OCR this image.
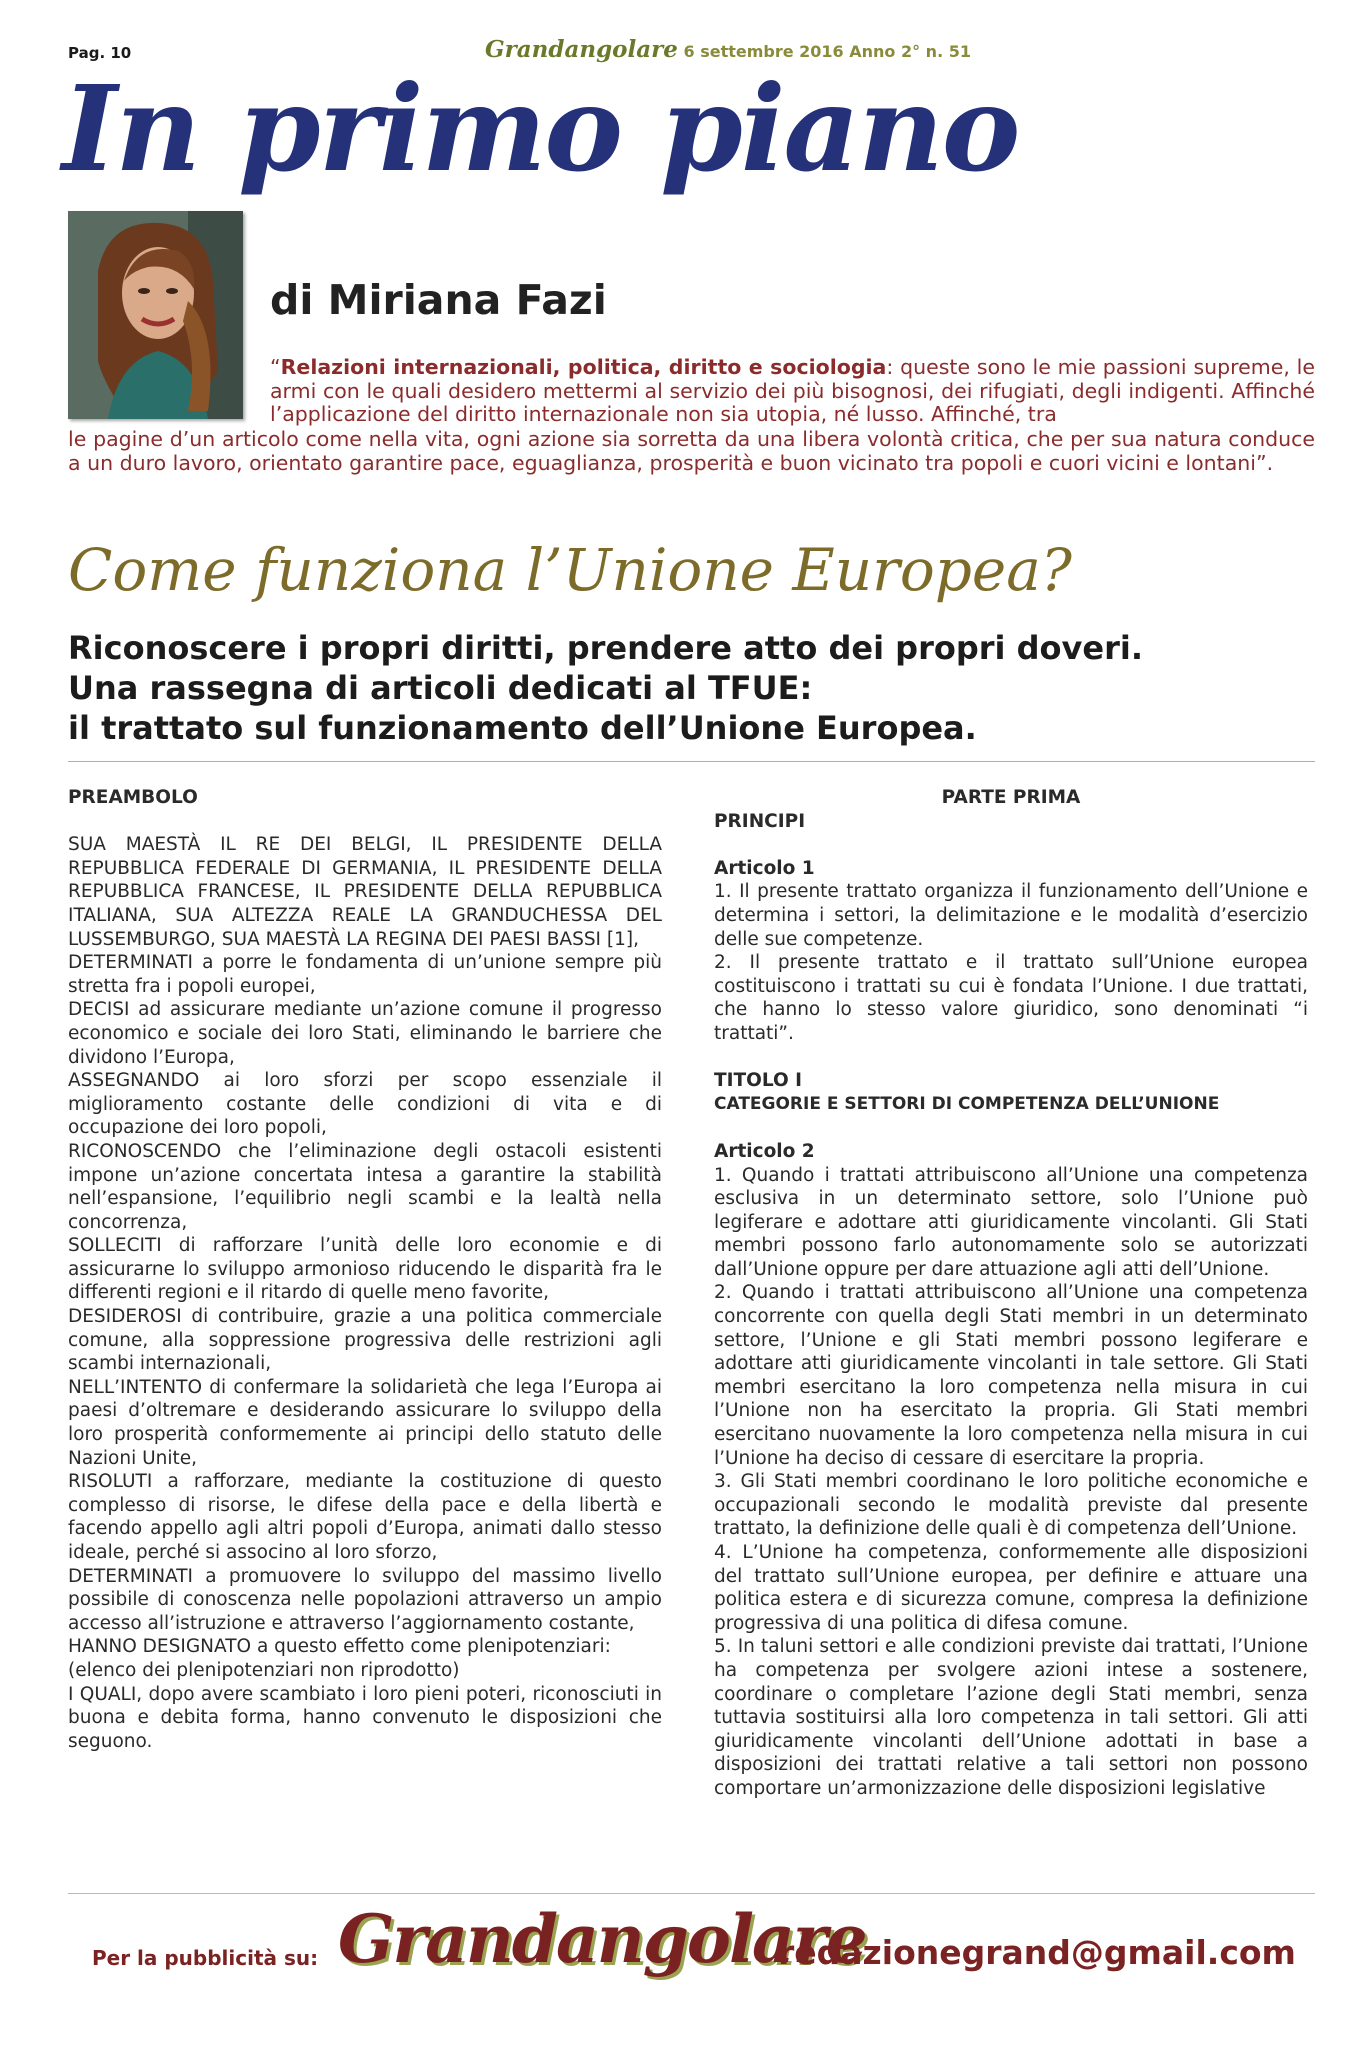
Pag. 10	Grandangolare 6 settembre 2016 Anno 2° n. 51
In primo piano
di Miriana Fazi
“Relazioni internazionali, politica, diritto e sociologia: queste sono le mie passioni supreme, le armi con le quali desidero mettermi al servizio dei più bisognosi, dei rifugiati, degli indigenti. Affinché l’applicazione del diritto internazionale non sia utopia, né lusso. Affinché, tra
le pagine d’un articolo come nella vita, ogni azione sia sorretta da una libera volontà critica, che per sua natura conduce a un duro lavoro, orientato garantire pace, eguaglianza, prosperità e buon vicinato tra popoli e cuori vicini e lontani”.
Come funziona l’Unione Europea?
Riconoscere i propri diritti, prendere atto dei propri doveri.
Una rassegna di articoli dedicati al TFUE:
il trattato sul funzionamento dell’Unione Europea.
PREAMBOLO
SUA MAESTÀ IL RE DEI BELGI, IL PRESIDENTE DELLA REPUBBLICA FEDERALE DI GERMANIA, IL PRESIDENTE DELLA REPUBBLICA FRANCESE, IL PRESIDENTE DELLA REPUBBLICA ITALIANA, SUA ALTEZZA REALE LA GRANDUCHESSA DEL LUSSEMBURGO, SUA MAESTÀ LA REGINA DEI PAESI BASSI [1],
DETERMINATI a porre le fondamenta di un’unione sempre più stretta fra i popoli europei,
DECISI ad assicurare mediante un’azione comune il progresso economico e sociale dei loro Stati, eliminando le barriere che dividono l’Europa,
ASSEGNANDO ai loro sforzi per scopo essenziale il miglioramento costante delle condizioni di vita e di occupazione dei loro popoli,
RICONOSCENDO che l’eliminazione degli ostacoli esistenti impone un’azione concertata intesa a garantire la stabilità nell’espansione, l’equilibrio negli scambi e la lealtà nella concorrenza,
SOLLECITI di rafforzare l’unità delle loro economie e di assicurarne lo sviluppo armonioso riducendo le disparità fra le differenti regioni e il ritardo di quelle meno favorite,
DESIDEROSI di contribuire, grazie a una politica commerciale comune, alla soppressione progressiva delle restrizioni agli scambi internazionali,
NELL’INTENTO di confermare la solidarietà che lega l’Europa ai paesi d’oltremare e desiderando assicurare lo sviluppo della loro prosperità conformemente ai principi dello statuto delle Nazioni Unite,
RISOLUTI a rafforzare, mediante la costituzione di questo complesso di risorse, le difese della pace e della libertà e facendo appello agli altri popoli d’Europa, animati dallo stesso ideale, perché si associno al loro sforzo,
DETERMINATI a promuovere lo sviluppo del massimo livello possibile di conoscenza nelle popolazioni attraverso un ampio accesso all’istruzione e attraverso l’aggiornamento costante,
HANNO DESIGNATO a questo effetto come plenipotenziari:
(elenco dei plenipotenziari non riprodotto)
I QUALI, dopo avere scambiato i loro pieni poteri, riconosciuti in buona e debita forma, hanno convenuto le disposizioni che seguono.
PARTE PRIMA
PRINCIPI
Articolo 1
1. Il presente trattato organizza il funzionamento dell’Unione e determina i settori, la delimitazione e le modalità d’esercizio delle sue competenze.
2. Il presente trattato e il trattato sull’Unione europea costituiscono i trattati su cui è fondata l’Unione. I due trattati, che hanno lo stesso valore giuridico, sono denominati “i trattati”.
TITOLO I
CATEGORIE E SETTORI DI COMPETENZA DELL’UNIONE
Articolo 2
1. Quando i trattati attribuiscono all’Unione una competenza esclusiva in un determinato settore, solo l’Unione può legiferare e adottare atti giuridicamente vincolanti. Gli Stati membri possono farlo autonomamente solo se autorizzati dall’Unione oppure per dare attuazione agli atti dell’Unione.
2. Quando i trattati attribuiscono all’Unione una competenza concorrente con quella degli Stati membri in un determinato settore, l’Unione e gli Stati membri possono legiferare e adottare atti giuridicamente vincolanti in tale settore. Gli Stati membri esercitano la loro competenza nella misura in cui l’Unione non ha esercitato la propria. Gli Stati membri esercitano nuovamente la loro competenza nella misura in cui l’Unione ha deciso di cessare di esercitare la propria.
3. Gli Stati membri coordinano le loro politiche economiche e occupazionali secondo le modalità previste dal presente trattato, la definizione delle quali è di competenza dell’Unione.
4. L’Unione ha competenza, conformemente alle disposizioni del trattato sull’Unione europea, per definire e attuare una politica estera e di sicurezza comune, compresa la definizione progressiva di una politica di difesa comune.
5. In taluni settori e alle condizioni previste dai trattati, l’Unione ha competenza per svolgere azioni intese a sostenere, coordinare o completare l’azione degli Stati membri, senza tuttavia sostituirsi alla loro competenza in tali settori. Gli atti giuridicamente vincolanti dell’Unione adottati in base a disposizioni dei trattati relative a tali settori non possono comportare un’armonizzazione delle disposizioni legislative
Per la pubblicità su: Grandangolare
redazionegrand@gmail.com
